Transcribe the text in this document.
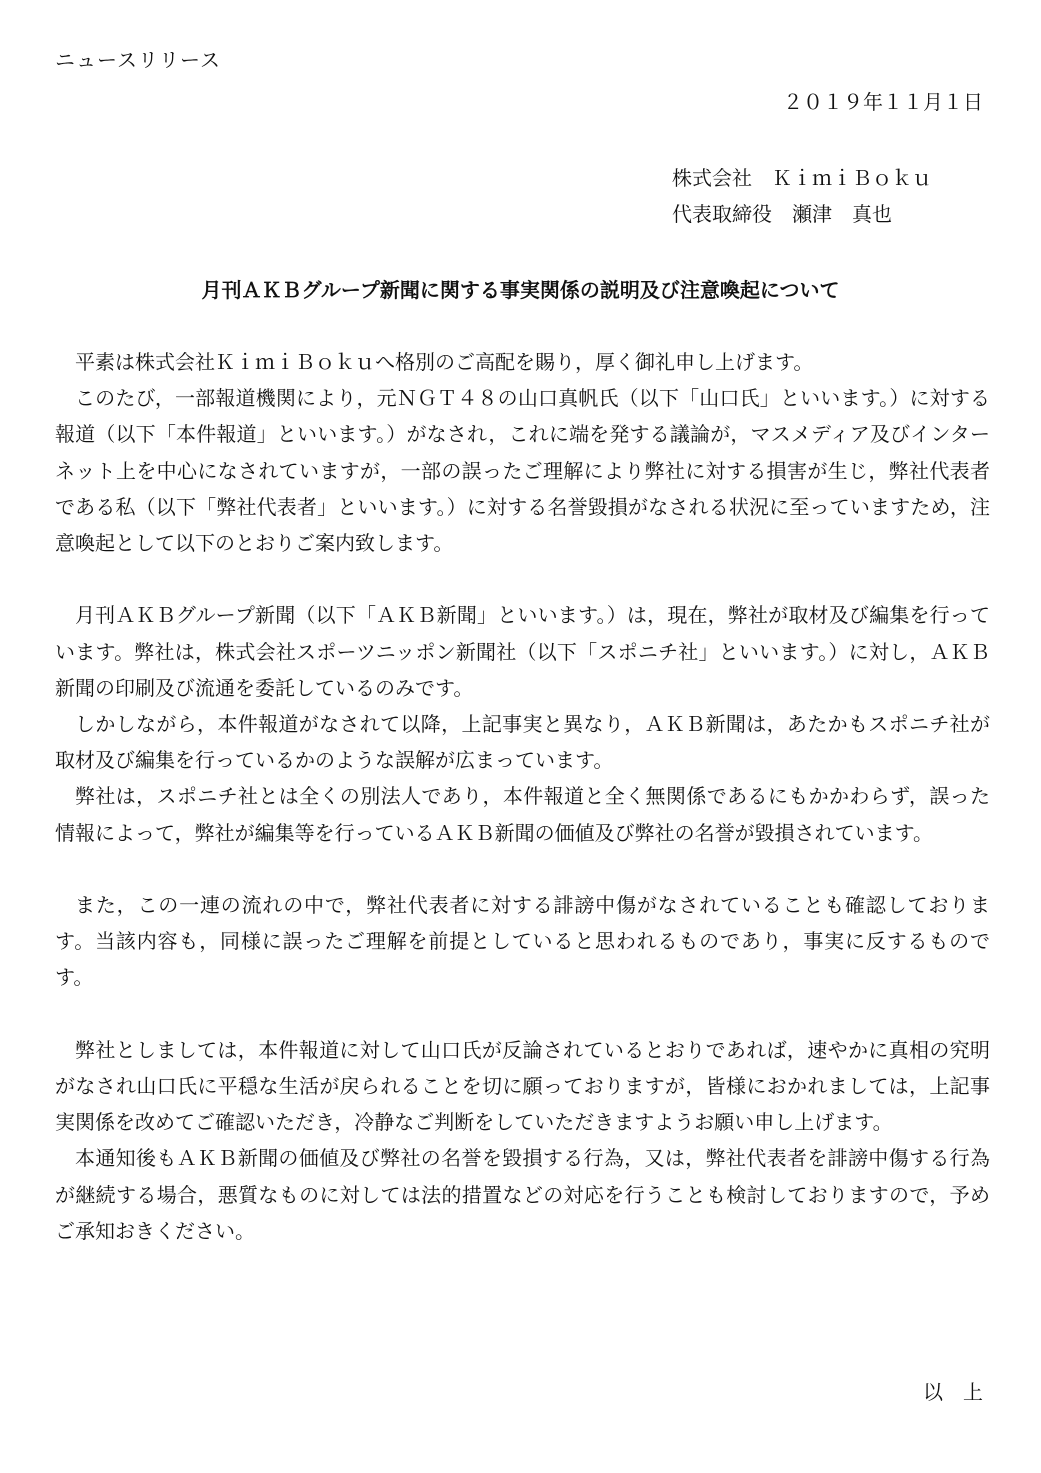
ニュースリリース
２０１９年１１月１日
株式会社　ＫｉｍｉＢｏｋｕ
代表取締役　瀬津　真也
月刊ＡＫＢグループ新聞に関する事実関係の説明及び注意喚起について

平素は株式会社ＫｉｍｉＢｏｋｕへ格別のご高配を賜り，厚く御礼申し上げます。

このたび，一部報道機関により，元ＮＧＴ４８の山口真帆氏（以下「山口氏」といいます。）に対する報道（以下「本件報道」といいます。）がなされ，これに端を発する議論が，マスメディア及びインターネット上を中心になされていますが，一部の誤ったご理解により弊社に対する損害が生じ，弊社代表者である私（以下「弊社代表者」といいます。）に対する名誉毀損がなされる状況に至っていますため，注意喚起として以下のとおりご案内致します。

月刊ＡＫＢグループ新聞（以下「ＡＫＢ新聞」といいます。）は，現在，弊社が取材及び編集を行っています。弊社は，株式会社スポーツニッポン新聞社（以下「スポニチ社」といいます。）に対し，ＡＫＢ新聞の印刷及び流通を委託しているのみです。

しかしながら，本件報道がなされて以降，上記事実と異なり，ＡＫＢ新聞は，あたかもスポニチ社が取材及び編集を行っているかのような誤解が広まっています。

弊社は，スポニチ社とは全くの別法人であり，本件報道と全く無関係であるにもかかわらず，誤った情報によって，弊社が編集等を行っているＡＫＢ新聞の価値及び弊社の名誉が毀損されています。

また，この一連の流れの中で，弊社代表者に対する誹謗中傷がなされていることも確認しております。当該内容も，同様に誤ったご理解を前提としていると思われるものであり，事実に反するものです。

弊社としましては，本件報道に対して山口氏が反論されているとおりであれば，速やかに真相の究明がなされ山口氏に平穏な生活が戻られることを切に願っておりますが，皆様におかれましては，上記事実関係を改めてご確認いただき，冷静なご判断をしていただきますようお願い申し上げます。

本通知後もＡＫＢ新聞の価値及び弊社の名誉を毀損する行為，又は，弊社代表者を誹謗中傷する行為が継続する場合，悪質なものに対しては法的措置などの対応を行うことも検討しておりますので，予めご承知おきください。

以　上
